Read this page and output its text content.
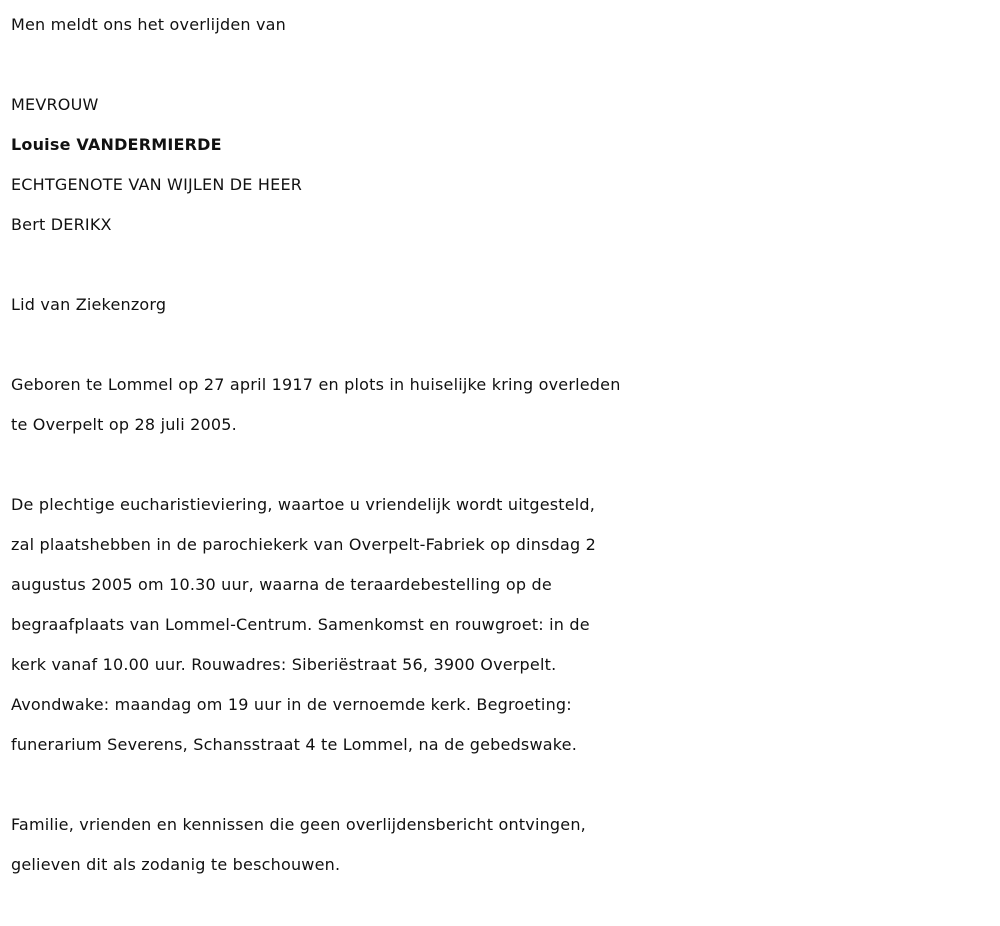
Men meldt ons het overlijden van
MEVROUW
Louise VANDERMIERDE
ECHTGENOTE VAN WIJLEN DE HEER
Bert DERIKX
Lid van Ziekenzorg
Geboren te Lommel op 27 april 1917 en plots in huiselijke kring overleden
te Overpelt op 28 juli 2005.
De plechtige eucharistieviering, waartoe u vriendelijk wordt uitgesteld,
zal plaatshebben in de parochiekerk van Overpelt-Fabriek op dinsdag 2
augustus 2005 om 10.30 uur, waarna de teraardebestelling op de
begraafplaats van Lommel-Centrum. Samenkomst en rouwgroet: in de
kerk vanaf 10.00 uur. Rouwadres: Siberiëstraat 56, 3900 Overpelt.
Avondwake: maandag om 19 uur in de vernoemde kerk. Begroeting:
funerarium Severens, Schansstraat 4 te Lommel, na de gebedswake.
Familie, vrienden en kennissen die geen overlijdensbericht ontvingen,
gelieven dit als zodanig te beschouwen.
